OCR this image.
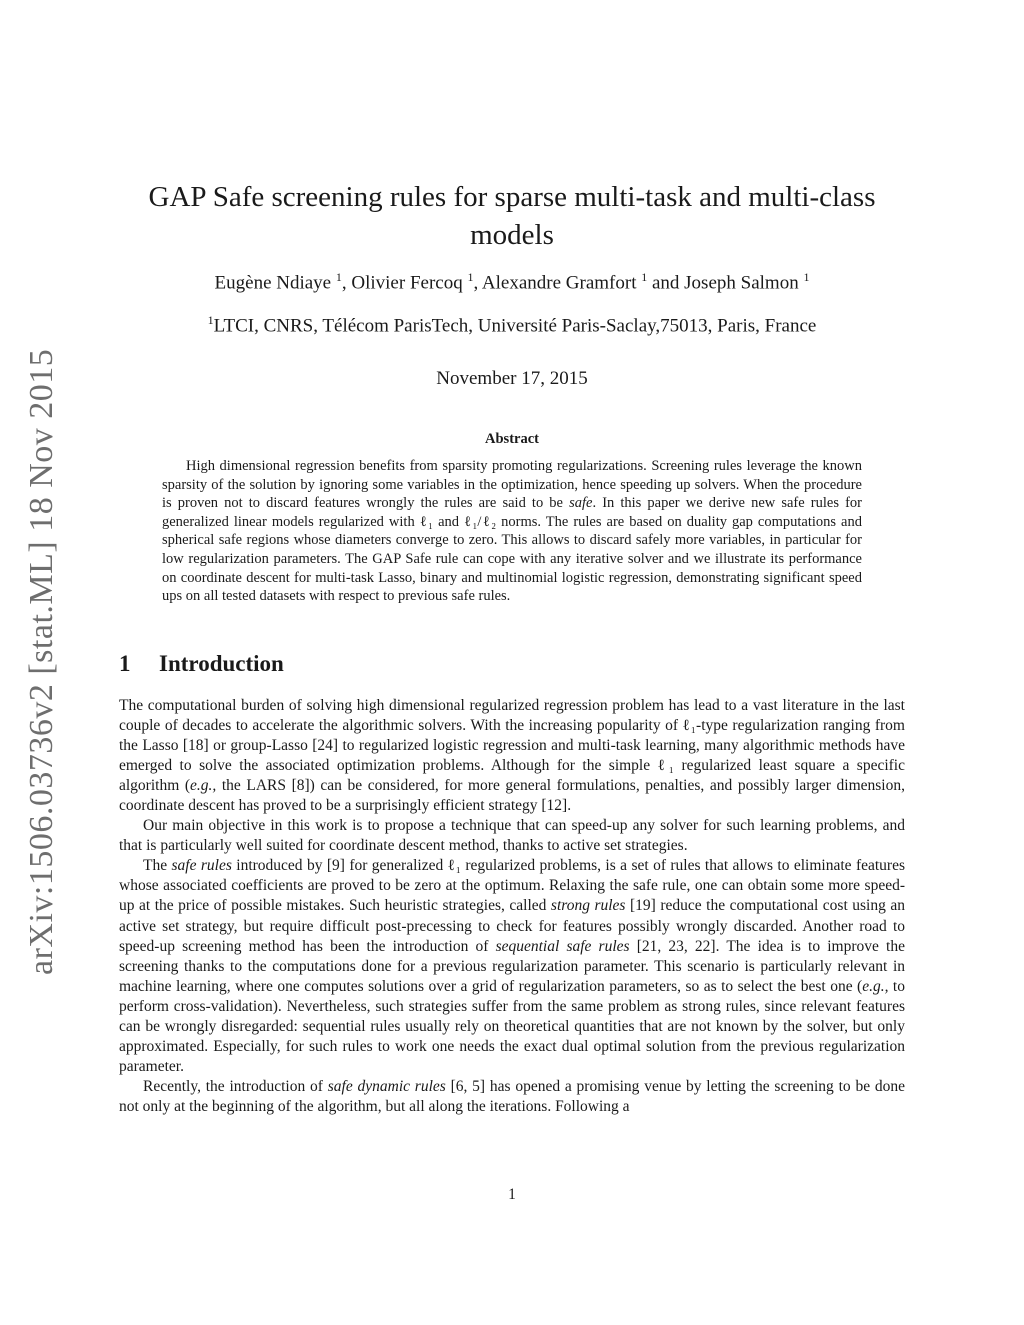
arXiv:1506.03736v2 [stat.ML] 18 Nov 2015
GAP Safe screening rules for sparse multi-task and multi-class models
Eugène Ndiaye $^1$, Olivier Fercoq $^1$, Alexandre Gramfort $^1$ and Joseph Salmon $^1$
$^1$LTCI, CNRS, Télécom ParisTech, Université Paris-Saclay,75013, Paris, France
November 17, 2015
Abstract

High dimensional regression benefits from sparsity promoting regularizations. Screening rules leverage the known sparsity of the solution by ignoring some variables in the optimization, hence speeding up solvers. When the procedure is proven not to discard features wrongly the rules are said to be safe. In this paper we derive new safe rules for generalized linear models regularized with ℓ₁ and ℓ₁/ℓ₂ norms. The rules are based on duality gap computations and spherical safe regions whose diameters converge to zero. This allows to discard safely more variables, in particular for low regularization parameters. The GAP Safe rule can cope with any iterative solver and we illustrate its performance on coordinate descent for multi-task Lasso, binary and multinomial logistic regression, demonstrating significant speed ups on all tested datasets with respect to previous safe rules.

1 Introduction

The computational burden of solving high dimensional regularized regression problem has lead to a vast literature in the last couple of decades to accelerate the algorithmic solvers. With the increasing popularity of ℓ₁-type regularization ranging from the Lasso [18] or group-Lasso [24] to regularized logistic regression and multi-task learning, many algorithmic methods have emerged to solve the associated optimization problems. Although for the simple ℓ₁ regularized least square a specific algorithm (e.g., the LARS [8]) can be considered, for more general formulations, penalties, and possibly larger dimension, coordinate descent has proved to be a surprisingly efficient strategy [12].

Our main objective in this work is to propose a technique that can speed-up any solver for such learning problems, and that is particularly well suited for coordinate descent method, thanks to active set strategies.

The safe rules introduced by [9] for generalized ℓ₁ regularized problems, is a set of rules that allows to eliminate features whose associated coefficients are proved to be zero at the optimum. Relaxing the safe rule, one can obtain some more speed-up at the price of possible mistakes. Such heuristic strategies, called strong rules [19] reduce the computational cost using an active set strategy, but require difficult post-precessing to check for features possibly wrongly discarded. Another road to speed-up screening method has been the introduction of sequential safe rules [21, 23, 22]. The idea is to improve the screening thanks to the computations done for a previous regularization parameter. This scenario is particularly relevant in machine learning, where one computes solutions over a grid of regularization parameters, so as to select the best one (e.g., to perform cross-validation). Nevertheless, such strategies suffer from the same problem as strong rules, since relevant features can be wrongly disregarded: sequential rules usually rely on theoretical quantities that are not known by the solver, but only approximated. Especially, for such rules to work one needs the exact dual optimal solution from the previous regularization parameter.

Recently, the introduction of safe dynamic rules [6, 5] has opened a promising venue by letting the screening to be done not only at the beginning of the algorithm, but all along the iterations. Following a

1
